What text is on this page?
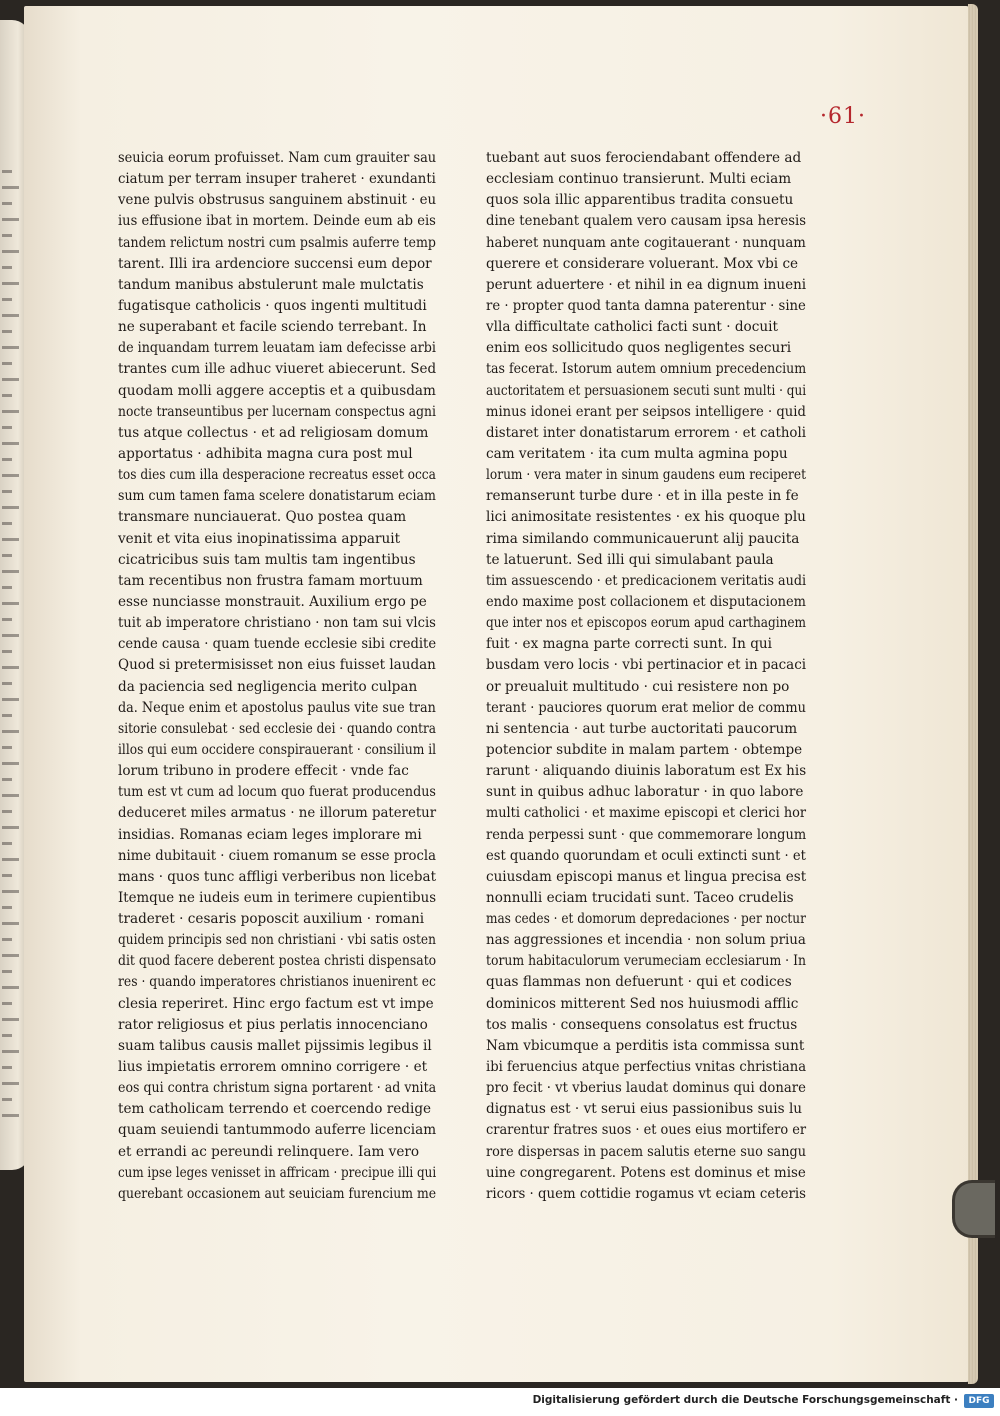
·61·
seuicia eorum profuisset. Nam cum grauiter sau
ciatum per terram insuper traheret · exundanti
vene pulvis obstrusus sanguinem abstinuit · eu
ius effusione ibat in mortem. Deinde eum ab eis
tandem relictum nostri cum psalmis auferre temp
tarent. Illi ira ardenciore succensi eum depor
tandum manibus abstulerunt male mulctatis
fugatisque catholicis · quos ingenti multitudi
ne superabant et facile sciendo terrebant. In
de inquandam turrem leuatam iam defecisse arbi
trantes cum ille adhuc viueret abiecerunt. Sed
quodam molli aggere acceptis et a quibusdam
nocte transeuntibus per lucernam conspectus agni
tus atque collectus · et ad religiosam domum
apportatus · adhibita magna cura post mul
tos dies cum illa desperacione recreatus esset occa
sum cum tamen fama scelere donatistarum eciam
transmare nunciauerat. Quo postea quam
venit et vita eius inopinatissima apparuit
cicatricibus suis tam multis tam ingentibus
tam recentibus non frustra famam mortuum
esse nunciasse monstrauit. Auxilium ergo pe
tuit ab imperatore christiano · non tam sui vlcis
cende causa · quam tuende ecclesie sibi credite
Quod si pretermisisset non eius fuisset laudan
da paciencia sed negligencia merito culpan
da. Neque enim et apostolus paulus vite sue tran
sitorie consulebat · sed ecclesie dei · quando contra
illos qui eum occidere conspirauerant · consilium il
lorum tribuno in prodere effecit · vnde fac
tum est vt cum ad locum quo fuerat producendus
deduceret miles armatus · ne illorum pateretur
insidias. Romanas eciam leges implorare mi
nime dubitauit · ciuem romanum se esse procla
mans · quos tunc affligi verberibus non licebat
Itemque ne iudeis eum in terimere cupientibus
traderet · cesaris poposcit auxilium · romani
quidem principis sed non christiani · vbi satis osten
dit quod facere deberent postea christi dispensato
res · quando imperatores christianos inuenirent ec
clesia reperiret. Hinc ergo factum est vt impe
rator religiosus et pius perlatis innocenciano
suam talibus causis mallet pijssimis legibus il
lius impietatis errorem omnino corrigere · et
eos qui contra christum signa portarent · ad vnita
tem catholicam terrendo et coercendo redige
quam seuiendi tantummodo auferre licenciam
et errandi ac pereundi relinquere. Iam vero
cum ipse leges venisset in affricam · precipue illi qui
querebant occasionem aut seuiciam furencium me
tuebant aut suos ferociendabant offendere ad
ecclesiam continuo transierunt. Multi eciam
quos sola illic apparentibus tradita consuetu
dine tenebant qualem vero causam ipsa heresis
haberet nunquam ante cogitauerant · nunquam
querere et considerare voluerant. Mox vbi ce
perunt aduertere · et nihil in ea dignum inueni
re · propter quod tanta damna paterentur · sine
vlla difficultate catholici facti sunt · docuit
enim eos sollicitudo quos negligentes securi
tas fecerat. Istorum autem omnium precedencium
auctoritatem et persuasionem secuti sunt multi · qui
minus idonei erant per seipsos intelligere · quid
distaret inter donatistarum errorem · et catholi
cam veritatem · ita cum multa agmina popu
lorum · vera mater in sinum gaudens eum reciperet
remanserunt turbe dure · et in illa peste in fe
lici animositate resistentes · ex his quoque plu
rima similando communicauerunt alij paucita
te latuerunt. Sed illi qui simulabant paula
tim assuescendo · et predicacionem veritatis audi
endo maxime post collacionem et disputacionem
que inter nos et episcopos eorum apud carthaginem
fuit · ex magna parte correcti sunt. In qui
busdam vero locis · vbi pertinacior et in pacaci
or preualuit multitudo · cui resistere non po
terant · pauciores quorum erat melior de commu
ni sentencia · aut turbe auctoritati paucorum
potencior subdite in malam partem · obtempe
rarunt · aliquando diuinis laboratum est Ex his
sunt in quibus adhuc laboratur · in quo labore
multi catholici · et maxime episcopi et clerici hor
renda perpessi sunt · que commemorare longum
est quando quorundam et oculi extincti sunt · et
cuiusdam episcopi manus et lingua precisa est
nonnulli eciam trucidati sunt. Taceo crudelis
mas cedes · et domorum depredaciones · per noctur
nas aggressiones et incendia · non solum priua
torum habitaculorum verumeciam ecclesiarum · In
quas flammas non defuerunt · qui et codices
dominicos mitterent Sed nos huiusmodi afflic
tos malis · consequens consolatus est fructus
Nam vbicumque a perditis ista commissa sunt
ibi feruencius atque perfectius vnitas christiana
pro fecit · vt vberius laudat dominus qui donare
dignatus est · vt serui eius passionibus suis lu
crarentur fratres suos · et oues eius mortifero er
rore dispersas in pacem salutis eterne suo sangu
uine congregarent. Potens est dominus et mise
ricors · quem cottidie rogamus vt eciam ceteris
Digitalisierung gefördert durch die Deutsche Forschungsgemeinschaft ·	DFG
